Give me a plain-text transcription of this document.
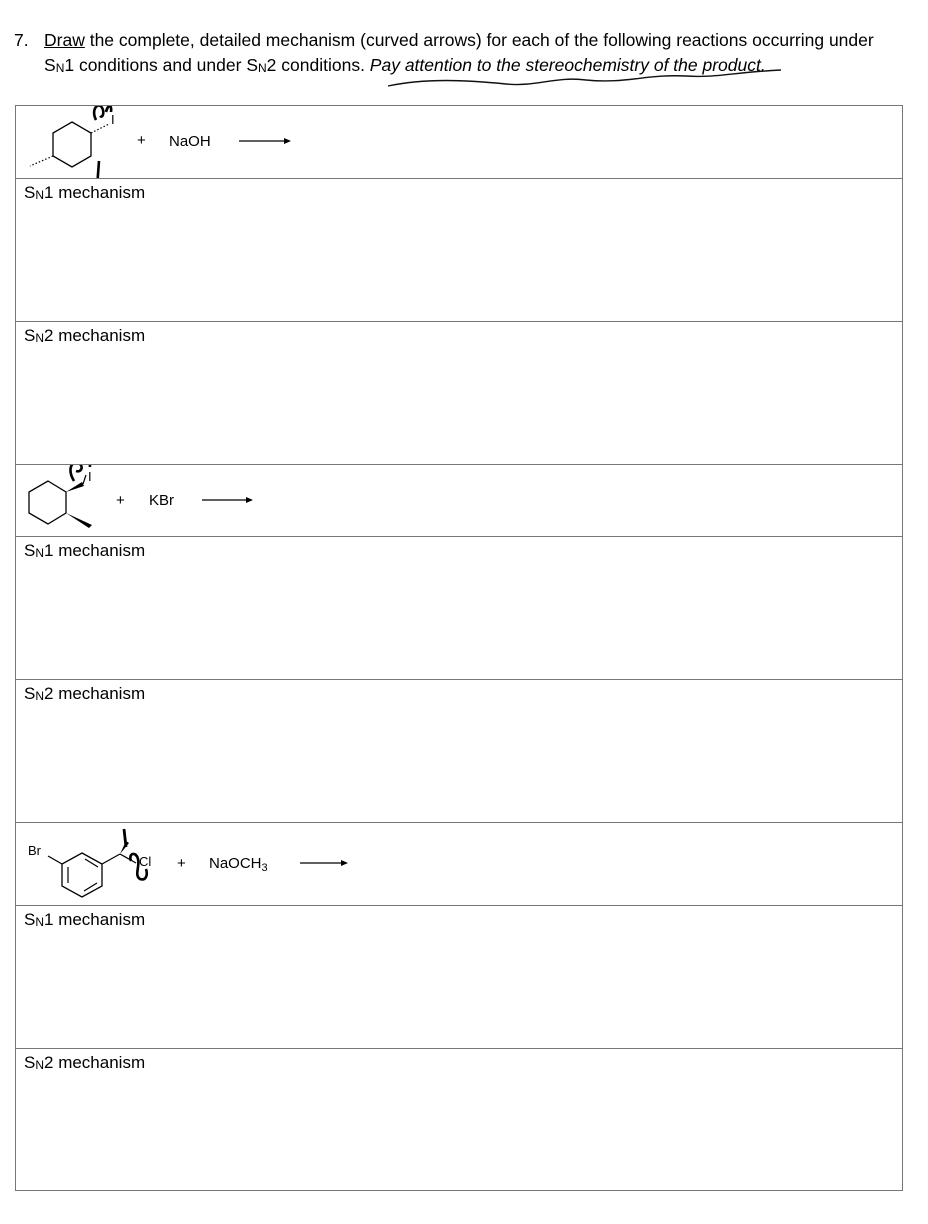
7. Draw the complete, detailed mechanism (curved arrows) for each of the following reactions occurring under
SN1 conditions and under SN2 conditions. Pay attention to the stereochemistry of the product.
I
+ NaOH
SN1 mechanism
SN2 mechanism
I
+ KBr
SN1 mechanism
SN2 mechanism
Br
Cl + NaOCH$_3$
SN1 mechanism
SN2 mechanism
